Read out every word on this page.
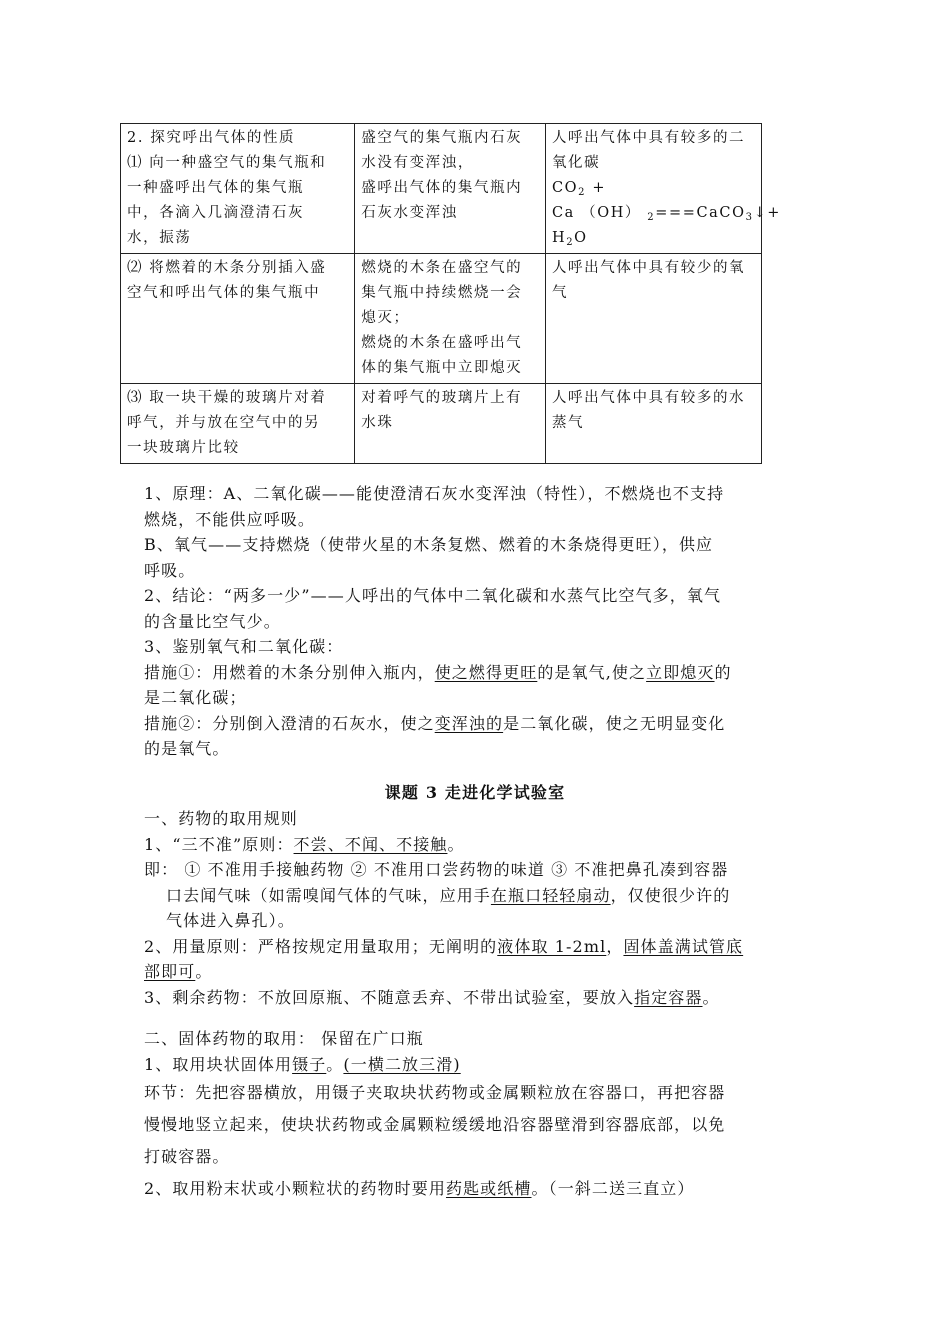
2. 探究呼出气体的性质
⑴ 向一种盛空气的集气瓶和
一种盛呼出气体的集气瓶
中，各滴入几滴澄清石灰
水，振荡	盛空气的集气瓶内石灰
水没有变浑浊，
盛呼出气体的集气瓶内
石灰水变浑浊	人呼出气体中具有较多的二
氧化碳
$CO_2$ +
Ca （OH） $_2$===CaCO$_3$↓+
$H_2O$

⑵ 将燃着的木条分别插入盛
空气和呼出气体的集气瓶中	燃烧的木条在盛空气的
集气瓶中持续燃烧一会
熄灭；
燃烧的木条在盛呼出气
体的集气瓶中立即熄灭	人呼出气体中具有较少的氧
气

⑶ 取一块干燥的玻璃片对着
呼气，并与放在空气中的另
一块玻璃片比较	对着呼气的玻璃片上有
水珠	人呼出气体中具有较多的水
蒸气

1、原理：A、二氧化碳——能使澄清石灰水变浑浊（特性），不燃烧也不支持

燃烧，不能供应呼吸。

B、氧气——支持燃烧（使带火星的木条复燃、燃着的木条烧得更旺），供应

呼吸。

2、结论：“两多一少”——人呼出的气体中二氧化碳和水蒸气比空气多，氧气

的含量比空气少。

3、鉴别氧气和二氧化碳：

措施①：用燃着的木条分别伸入瓶内，使之燃得更旺的是氧气,使之立即熄灭的

是二氧化碳；

措施②：分别倒入澄清的石灰水，使之变浑浊的是二氧化碳，使之无明显变化

的是氧气。

课题 3 走进化学试验室

一、药物的取用规则

1、“三不准”原则：不尝、不闻、不接触。

即： ① 不准用手接触药物 ② 不准用口尝药物的味道 ③ 不准把鼻孔凑到容器

口去闻气味（如需嗅闻气体的气味，应用手在瓶口轻轻扇动，仅使很少许的

气体进入鼻孔）。

2、用量原则：严格按规定用量取用；无阐明的液体取 1-2ml，固体盖满试管底

部即可。

3、剩余药物：不放回原瓶、不随意丢弃、不带出试验室，要放入指定容器。

二、固体药物的取用： 保留在广口瓶

1、取用块状固体用镊子。(一横二放三滑)

环节：先把容器横放，用镊子夹取块状药物或金属颗粒放在容器口，再把容器

慢慢地竖立起来，使块状药物或金属颗粒缓缓地沿容器壁滑到容器底部，以免

打破容器。

2、取用粉末状或小颗粒状的药物时要用药匙或纸槽。（一斜二送三直立）
